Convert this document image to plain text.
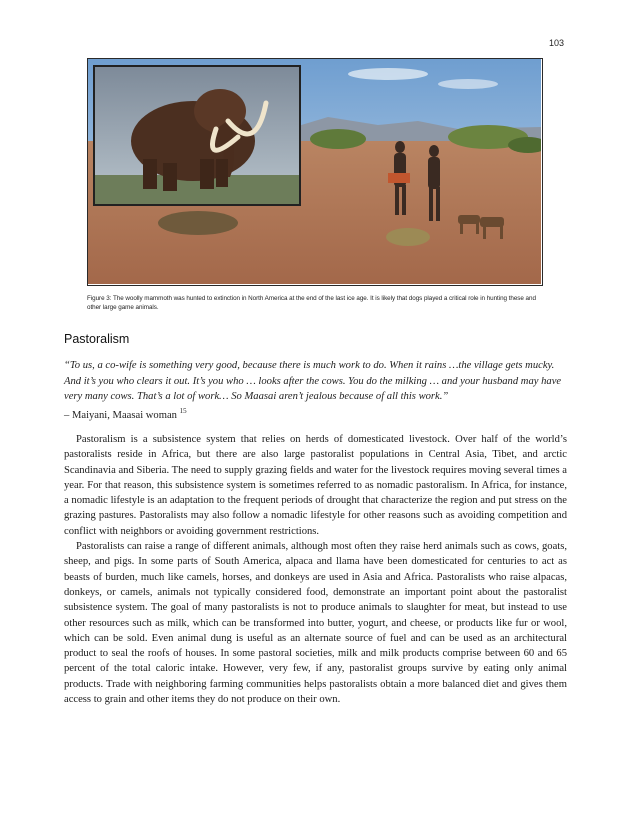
103
Figure 3: The woolly mammoth was hunted to extinction in North America at the end of the last ice age. It is likely that dogs played a critical role in hunting these and other large game animals.
Pastoralism

“To us, a co-wife is something very good, because there is much work to do. When it rains …the village gets mucky. And it’s you who clears it out. It’s you who … looks after the cows. You do the milking … and your husband may have very many cows. That’s a lot of work… So Maasai aren’t jealous because of all this work.”

– Maiyani, Maasai woman $^{15}$

Pastoralism is a subsistence system that relies on herds of domesticated livestock. Over half of the world’s pastoralists reside in Africa, but there are also large pastoralist populations in Central Asia, Tibet, and arctic Scandinavia and Siberia. The need to supply grazing fields and water for the livestock requires moving several times a year. For that reason, this subsistence system is sometimes referred to as nomadic pastoralism. In Africa, for instance, a nomadic lifestyle is an adaptation to the frequent periods of drought that characterize the region and put stress on the grazing pastures. Pastoralists may also follow a nomadic lifestyle for other reasons such as avoiding competition and conflict with neighbors or avoiding government restrictions.

Pastoralists can raise a range of different animals, although most often they raise herd animals such as cows, goats, sheep, and pigs. In some parts of South America, alpaca and llama have been domesticated for centuries to act as beasts of burden, much like camels, horses, and donkeys are used in Asia and Africa. Pastoralists who raise alpacas, donkeys, or camels, animals not typically considered food, demonstrate an important point about the pastoralist subsistence system. The goal of many pastoralists is not to produce animals to slaughter for meat, but instead to use other resources such as milk, which can be transformed into butter, yogurt, and cheese, or products like fur or wool, which can be sold. Even animal dung is useful as an alternate source of fuel and can be used as an architectural product to seal the roofs of houses. In some pastoral societies, milk and milk products comprise between 60 and 65 percent of the total caloric intake. However, very few, if any, pastoralist groups survive by eating only animal products. Trade with neighboring farming communities helps pastoralists obtain a more balanced diet and gives them access to grain and other items they do not produce on their own.
